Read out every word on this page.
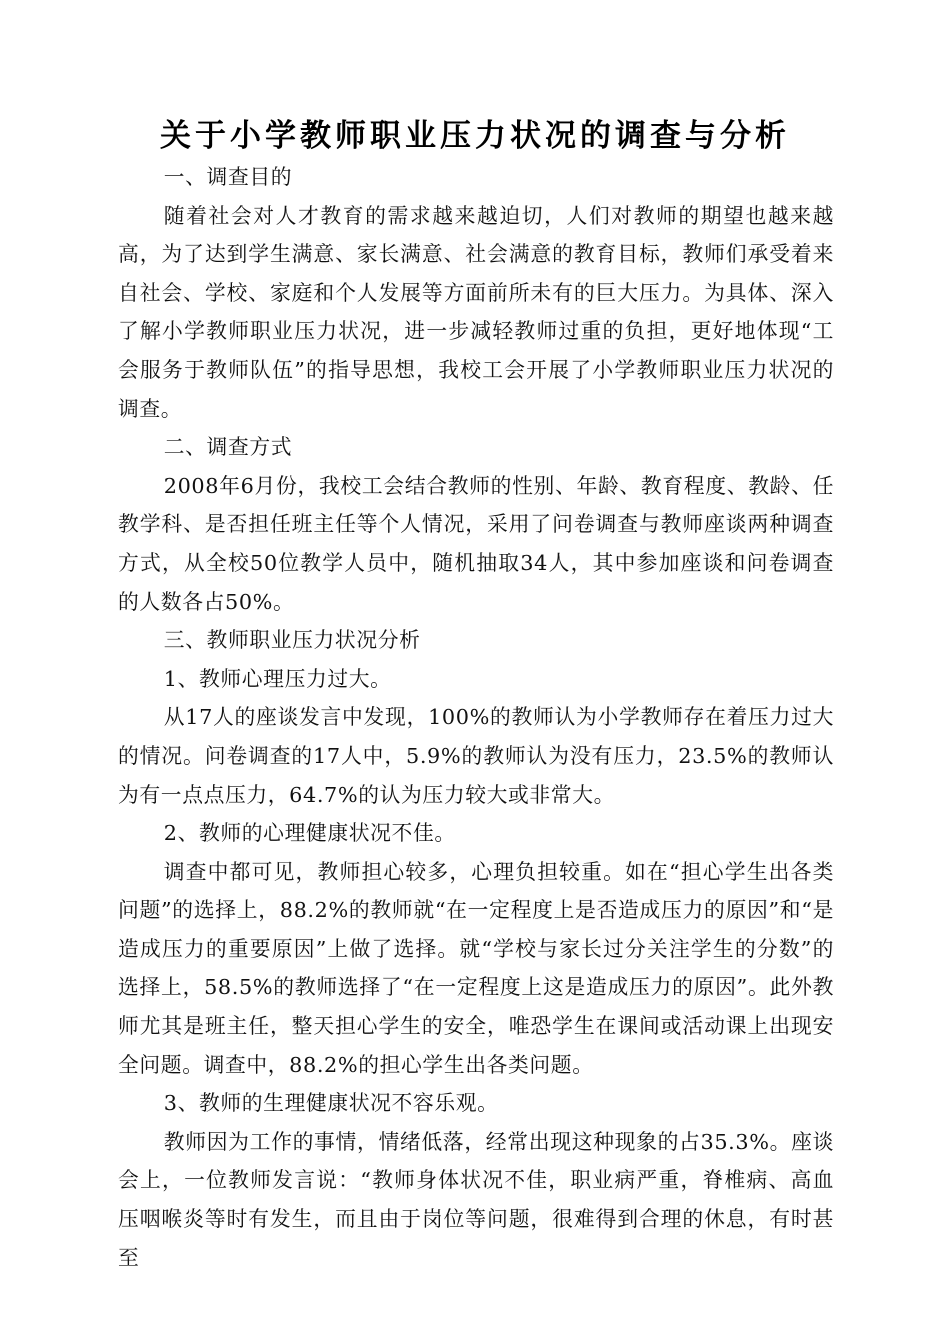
关于小学教师职业压力状况的调查与分析

一、调查目的

随着社会对人才教育的需求越来越迫切，人们对教师的期望也越来越高，为了达到学生满意、家长满意、社会满意的教育目标，教师们承受着来自社会、学校、家庭和个人发展等方面前所未有的巨大压力。为具体、深入了解小学教师职业压力状况，进一步减轻教师过重的负担，更好地体现“工会服务于教师队伍”的指导思想，我校工会开展了小学教师职业压力状况的调查。

二、调查方式

2008年6月份，我校工会结合教师的性别、年龄、教育程度、教龄、任教学科、是否担任班主任等个人情况，采用了问卷调查与教师座谈两种调查方式，从全校50位教学人员中，随机抽取34人，其中参加座谈和问卷调查的人数各占50%。

三、教师职业压力状况分析

1、教师心理压力过大。

从17人的座谈发言中发现，100%的教师认为小学教师存在着压力过大的情况。问卷调查的17人中，5.9%的教师认为没有压力，23.5%的教师认为有一点点压力，64.7%的认为压力较大或非常大。

2、教师的心理健康状况不佳。

调查中都可见，教师担心较多，心理负担较重。如在“担心学生出各类问题”的选择上，88.2%的教师就“在一定程度上是否造成压力的原因”和“是造成压力的重要原因”上做了选择。就“学校与家长过分关注学生的分数”的选择上，58.5%的教师选择了“在一定程度上这是造成压力的原因”。此外教师尤其是班主任，整天担心学生的安全，唯恐学生在课间或活动课上出现安全问题。调查中，88.2%的担心学生出各类问题。

3、教师的生理健康状况不容乐观。

教师因为工作的事情，情绪低落，经常出现这种现象的占35.3%。座谈会上，一位教师发言说：“教师身体状况不佳，职业病严重，脊椎病、高血压咽喉炎等时有发生，而且由于岗位等问题，很难得到合理的休息，有时甚至
